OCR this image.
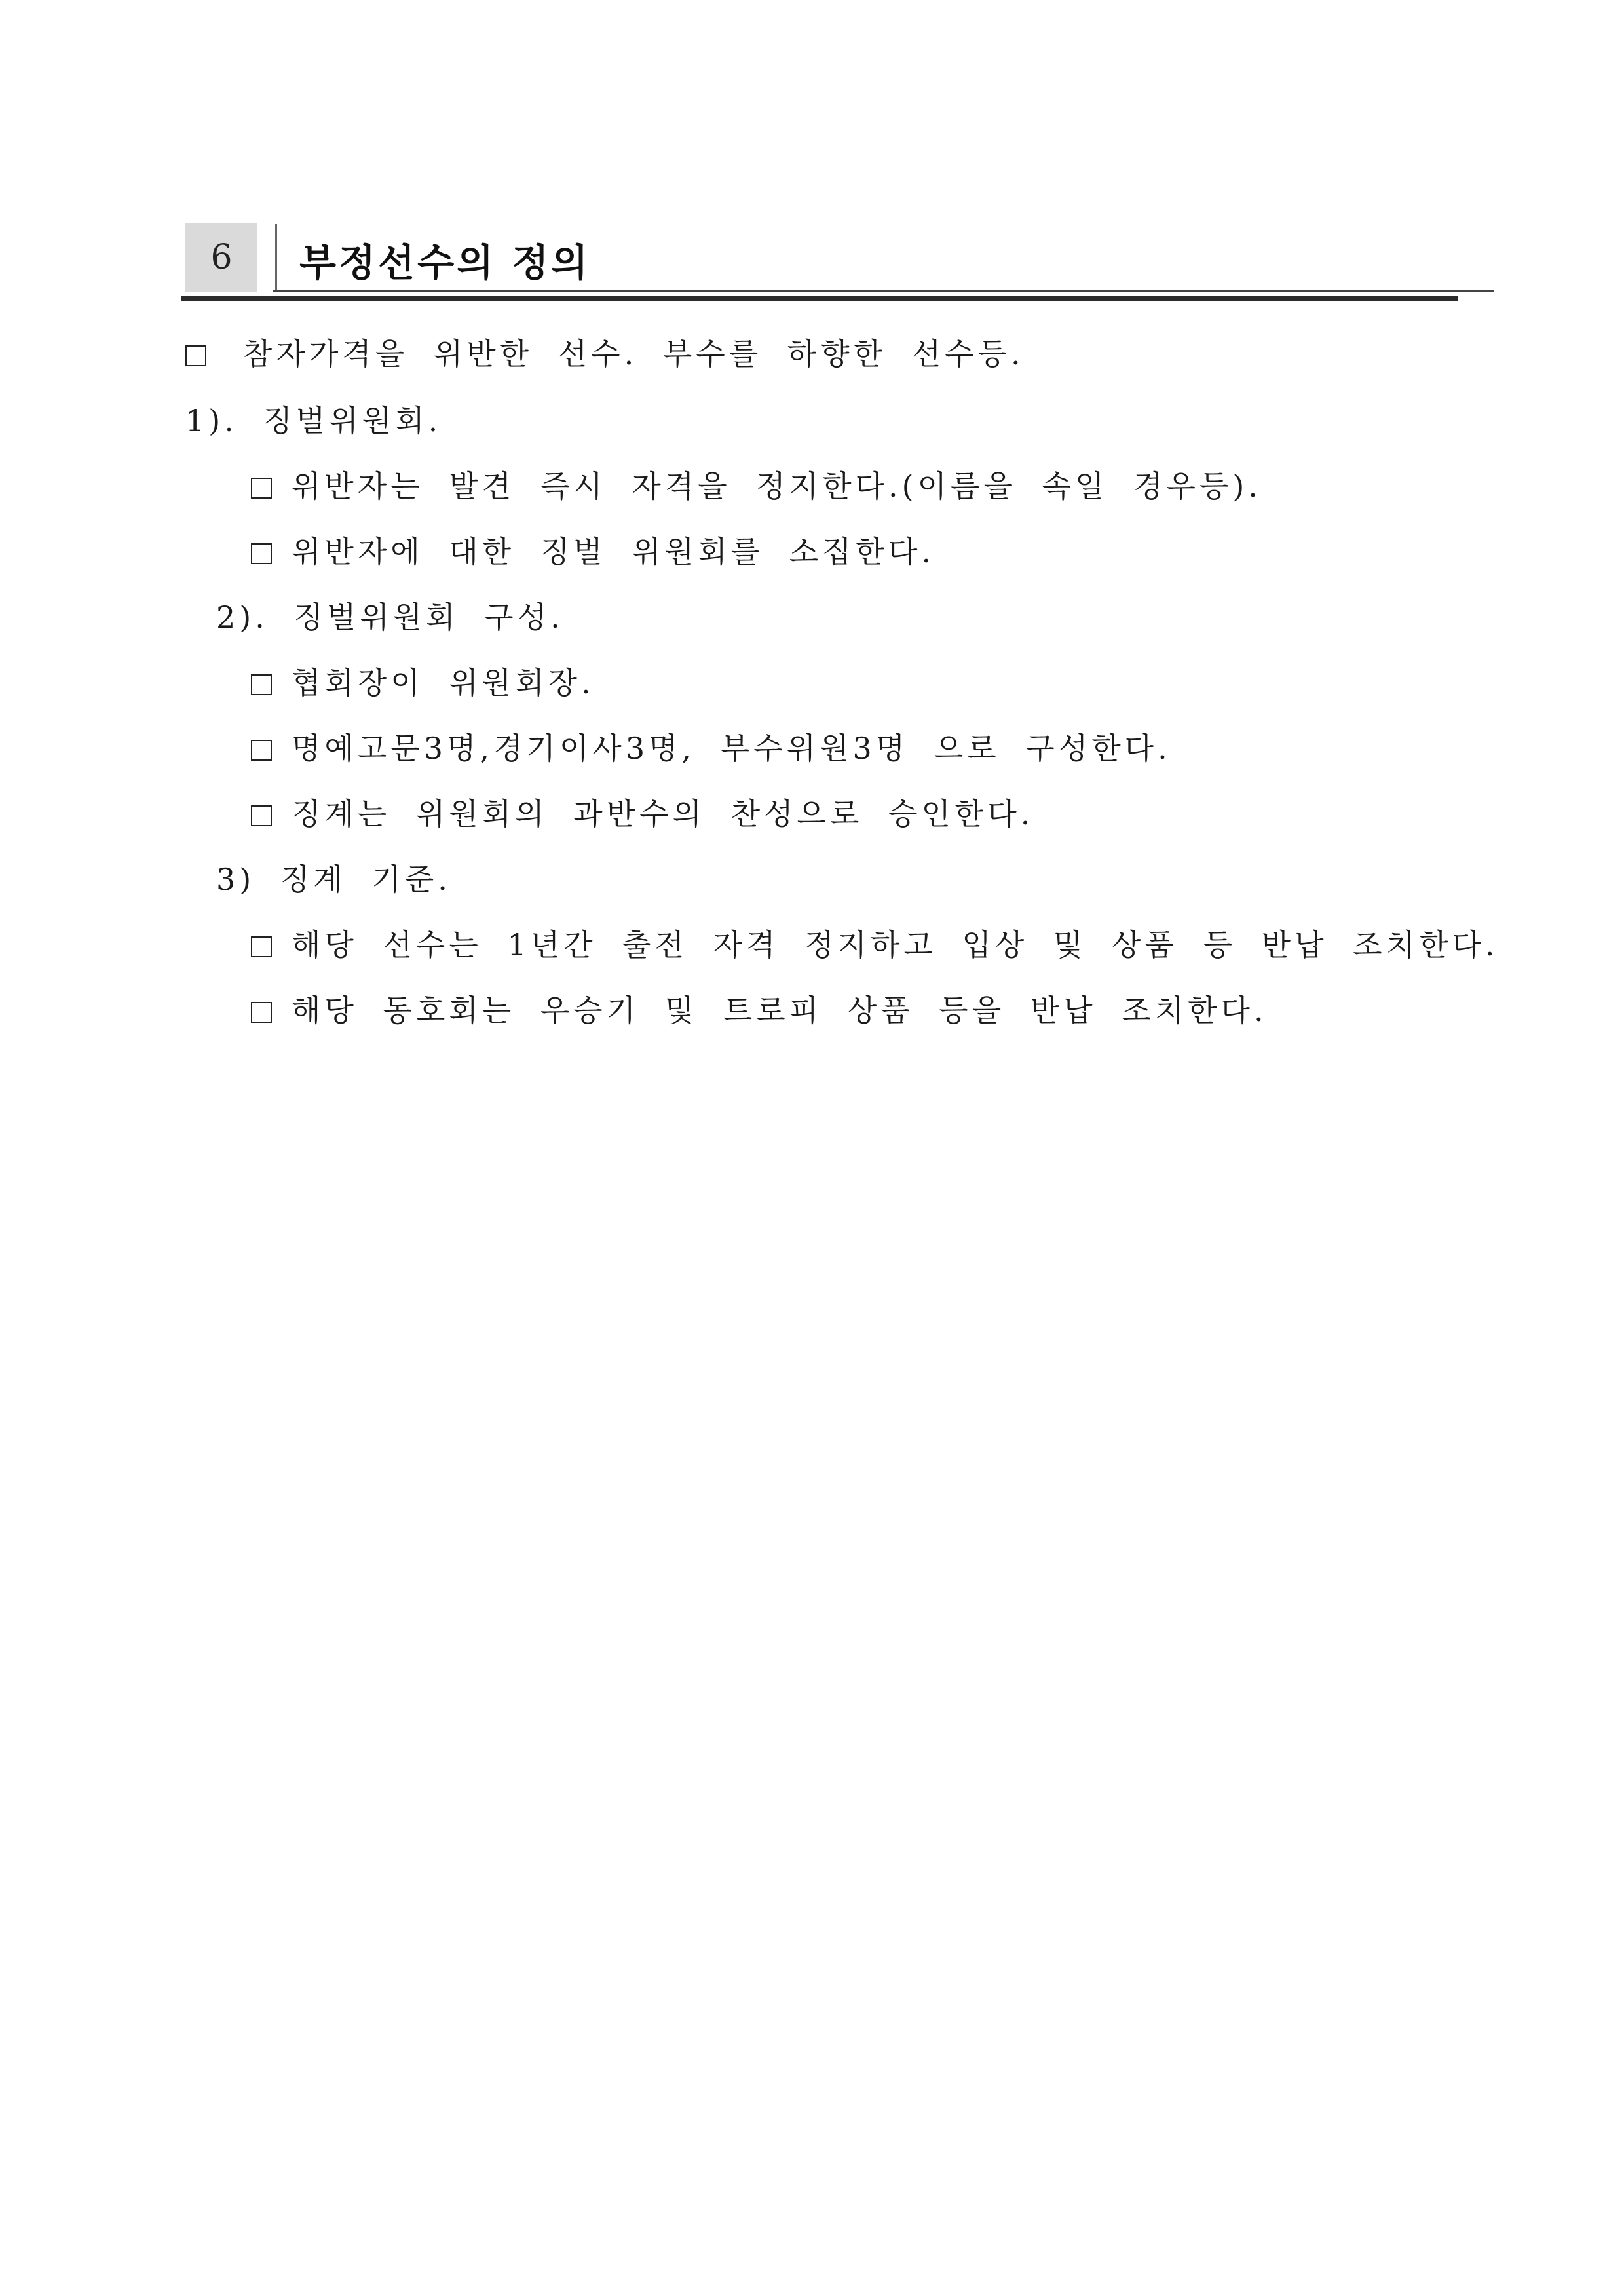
6	부정선수의 정의
참자가격을 위반한 선수. 부수를 하향한 선수등.
1). 징벌위원회.
위반자는 발견 즉시 자격을 정지한다.(이름을 속일 경우등).
위반자에 대한 징벌 위원회를 소집한다.
2). 징벌위원회 구성.
협회장이 위원회장.
명예고문3명,경기이사3명, 부수위원3명 으로 구성한다.
징계는 위원회의 과반수의 찬성으로 승인한다.
3) 징계 기준.
해당 선수는 1년간 출전 자격 정지하고 입상 및 상품 등 반납 조치한다.
해당 동호회는 우승기 및 트로피 상품 등을 반납 조치한다.
